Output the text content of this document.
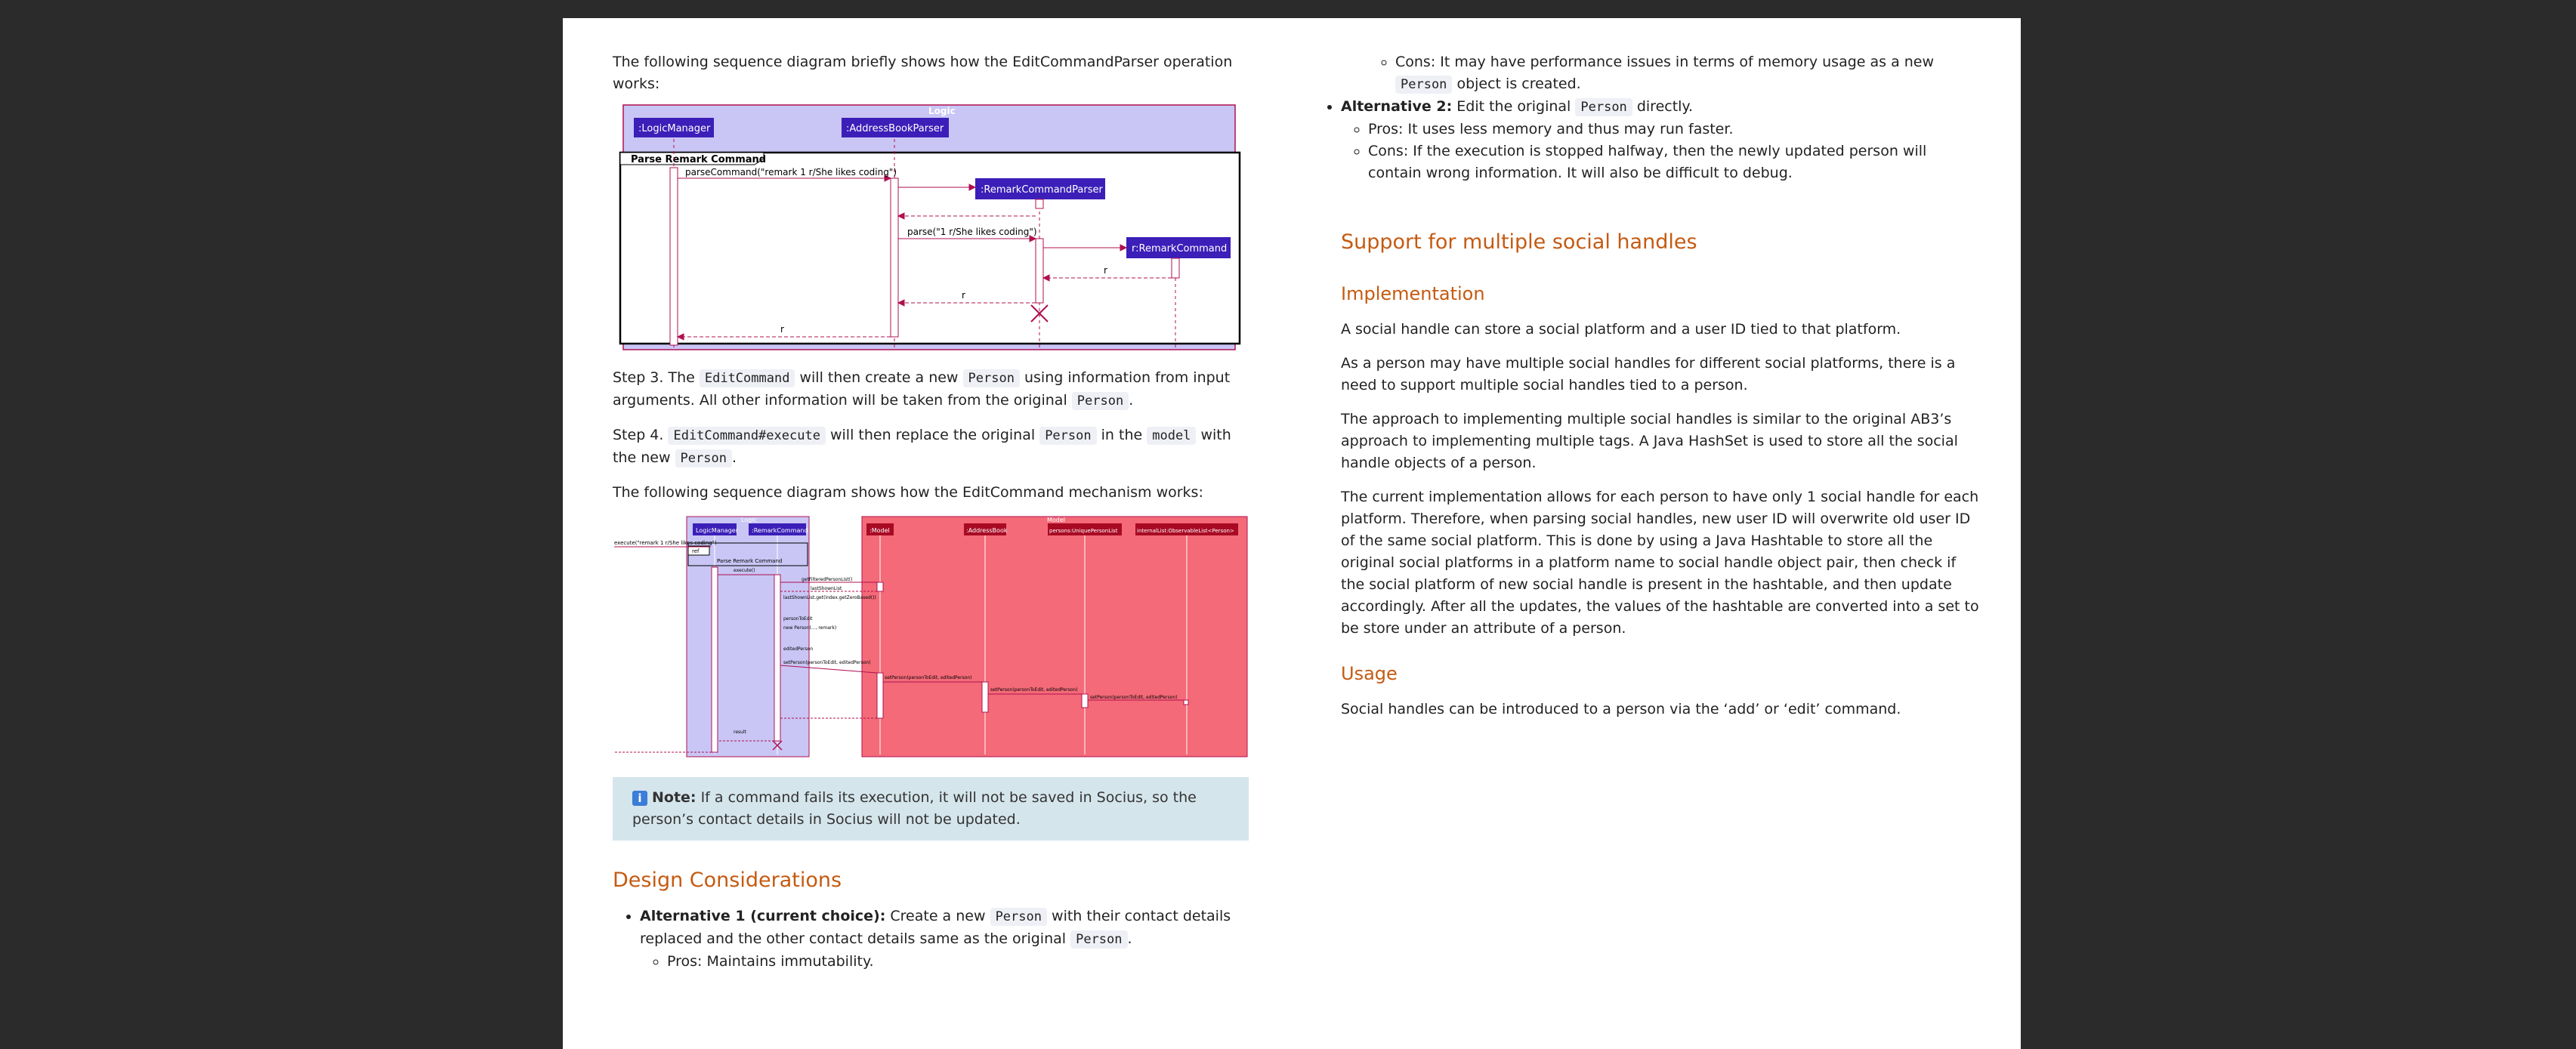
The following sequence diagram briefly shows how the EditCommandParser operation works:

Logic
Parse Remark Command
:LogicManager	:AddressBookParser
:RemarkCommandParser
r:RemarkCommand
parseCommand("remark 1 r/She likes coding")
parse("1 r/She likes coding")
r
r
r

Step 3. The EditCommand will then create a new Person using information from input arguments. All other information will be taken from the original Person .

Step 4. EditCommand#execute will then replace the original Person in the model with the new Person .

The following sequence diagram shows how the EditCommand mechanism works:

Logic	Model
LogicManager :RemarkCommand	:Model	:AddressBook	persons:UniquePersonList	internalList:ObservableList<Person>
Parse Remark Command
ref
execute("remark 1 r/She likes coding")
execute()
getFilteredPersonList()
lastShownList
lastShownList.get(index.getZeroBased())
personToEdit
new Person(..., remark)
editedPerson
setPerson(personToEdit, editedPerson)
setPerson(personToEdit, editedPerson)
setPerson(personToEdit, editedPerson)
setPerson(personToEdit, editedPerson)
result
i Note: If a command fails its execution, it will not be saved in Socius, so the person’s contact details in Socius will not be updated.
Design Considerations
• Alternative 1 (current choice): Create a new Person with their contact details replaced and the other contact details same as the original Person .
◦ Pros: Maintains immutability.
◦ Cons: It may have performance issues in terms of memory usage as a new Person object is created.
• Alternative 2: Edit the original Person directly.
◦ Pros: It uses less memory and thus may run faster.
◦ Cons: If the execution is stopped halfway, then the newly updated person will contain wrong information. It will also be difficult to debug.
Support for multiple social handles
Implementation

A social handle can store a social platform and a user ID tied to that platform.

As a person may have multiple social handles for different social platforms, there is a need to support multiple social handles tied to a person.

The approach to implementing multiple social handles is similar to the original AB3’s approach to implementing multiple tags. A Java HashSet is used to store all the social handle objects of a person.

The current implementation allows for each person to have only 1 social handle for each platform. Therefore, when parsing social handles, new user ID will overwrite old user ID of the same social platform. This is done by using a Java Hashtable to store all the original social platforms in a platform name to social handle object pair, then check if the social platform of new social handle is present in the hashtable, and then update accordingly. After all the updates, the values of the hashtable are converted into a set to be store under an attribute of a person.

Usage

Social handles can be introduced to a person via the ‘add’ or ‘edit’ command.
